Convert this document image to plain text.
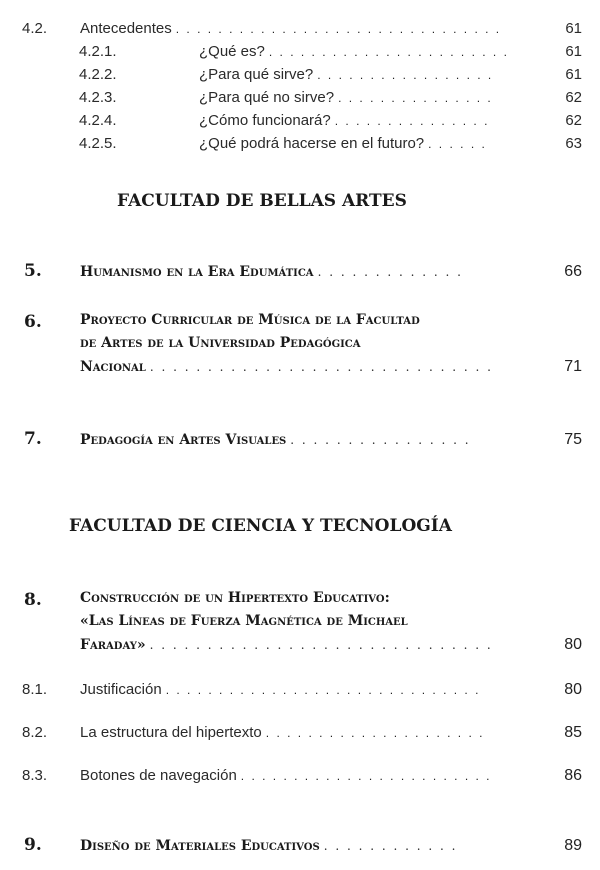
4.2.	Antecedentes . . .	61
4.2.1.	¿Qué es? . . .	61
4.2.2.	¿Para qué sirve? . . .	61
4.2.3.	¿Para qué no sirve? . . .	62
4.2.4.	¿Cómo funcionará? . . .	62
4.2.5.	¿Qué podrá hacerse en el futuro? . . .	63
FACULTAD DE BELLAS ARTES
5.	Humanismo en la Era Edumática . . .	66
6.	Proyecto Curricular de Música de la Facultad
de Artes de la Universidad Pedagógica
Nacional . . .	71
7.	Pedagogía en Artes Visuales . . .	75
FACULTAD DE CIENCIA Y TECNOLOGÍA
8.	Construcción de un Hipertexto Educativo:
«Las Líneas de Fuerza Magnética de Michael
Faraday» . . .	80
8.1.	Justificación . . .	80
8.2.	La estructura del hipertexto . . .	85
8.3.	Botones de navegación . . .	86
9.	Diseño de Materiales Educativos . . .	89
